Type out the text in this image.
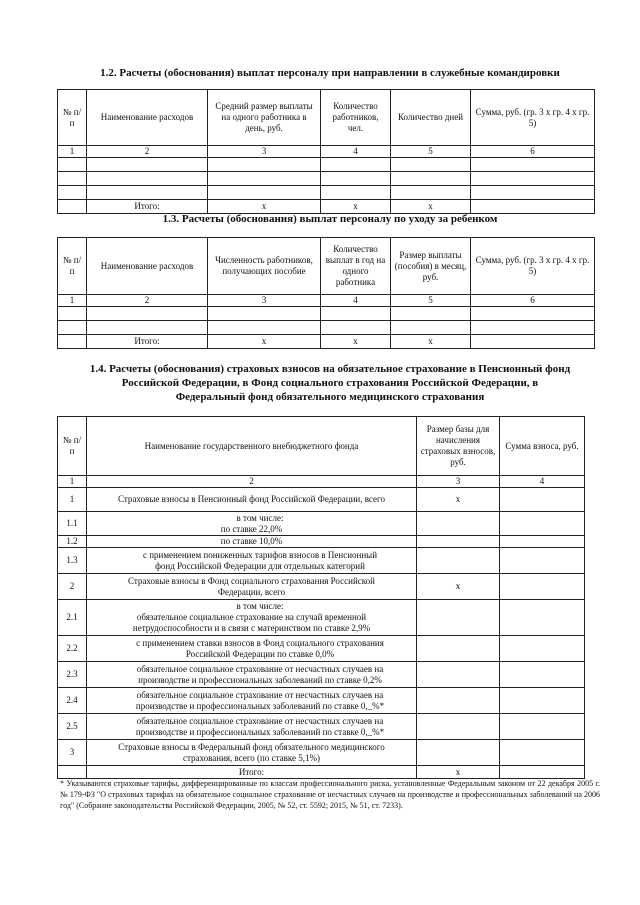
1.2. Расчеты (обоснования) выплат персоналу при направлении в служебные командировки
№ п/п	Наименование расходов	Средний размер выплаты на одного работника в день, руб.	Количество работников, чел.	Количество дней	Сумма, руб. (гр. 3 х гр. 4 х гр. 5)
1	2	3	4	5	6

	Итого:	х	х	х	
1.3. Расчеты (обоснования) выплат персоналу по уходу за ребенком
№ п/п	Наименование расходов	Численность работников, получающих пособие	Количество выплат в год на одного работника	Размер выплаты (пособия) в месяц, руб.	Сумма, руб. (гр. 3 х гр. 4 х гр. 5)
1	2	3	4	5	6

	Итого:	х	х	х	
1.4. Расчеты (обоснования) страховых взносов на обязательное страхование в Пенсионный фонд
Российской Федерации, в Фонд социального страхования Российской Федерации, в
Федеральный фонд обязательного медицинского страхования
№ п/п	Наименование государственного внебюджетного фонда	Размер базы для начисления страховых взносов, руб.	Сумма взноса, руб.
1	2	3	4
1	Страховые взносы в Пенсионный фонд Российской Федерации, всего	х	
1.1	в том числе:
по ставке 22,0%		

1.2	по ставке 10,0%		
1.3	с применением пониженных тарифов взносов в Пенсионный
фонд Российской Федерации для отдельных категорий		

2	Страховые взносы в Фонд социального страхования Российской
Федерации, всего	х	
2.1	в том числе:
обязательное социальное страхование на случай временной
нетрудоспособности и в связи с материнством по ставке 2,9%		

2.2	с применением ставки взносов в Фонд социального страхования
Российской Федерации по ставке 0,0%		

2.3	обязательное социальное страхование от несчастных случаев на
производстве и профессиональных заболеваний по ставке 0,2%		

2.4	обязательное социальное страхование от несчастных случаев на
производстве и профессиональных заболеваний по ставке 0,_%*		

2.5	обязательное социальное страхование от несчастных случаев на
производстве и профессиональных заболеваний по ставке 0,_%*		

3	Страховые взносы в Федеральный фонд обязательного медицинского
страхования, всего (по ставке 5,1%)		

	Итого:	х	
* Указываются страховые тарифы, дифференцированные по классам профессионального риска, установленные Федеральным законом от 22 декабря 2005 г. № 179-ФЗ "О страховых тарифах на обязательное социальное страхование от несчастных случаев на производстве и профессиональных заболеваний на 2006 год" (Собрание законодательства Российской Федерации, 2005, № 52, ст. 5592; 2015, № 51, ст. 7233).
